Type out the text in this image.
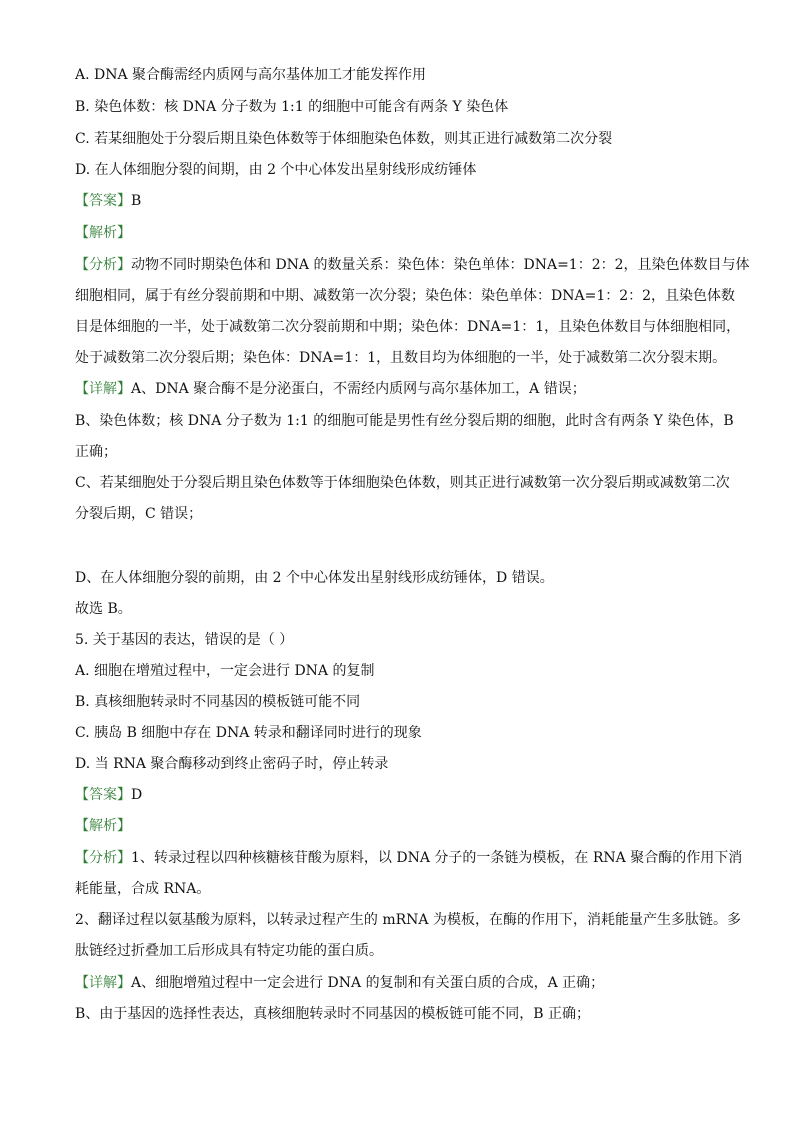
A. DNA 聚合酶需经内质网与高尔基体加工才能发挥作用
B. 染色体数：核 DNA 分子数为 1:1 的细胞中可能含有两条 Y 染色体
C. 若某细胞处于分裂后期且染色体数等于体细胞染色体数，则其正进行减数第二次分裂
D. 在人体细胞分裂的间期，由 2 个中心体发出星射线形成纺锤体
【答案】B
【解析】
【分析】动物不同时期染色体和 DNA 的数量关系：染色体：染色单体：DNA=1：2：2，且染色体数目与体
细胞相同，属于有丝分裂前期和中期、减数第一次分裂；染色体：染色单体：DNA=1：2：2，且染色体数
目是体细胞的一半，处于减数第二次分裂前期和中期；染色体：DNA=1：1，且染色体数目与体细胞相同，
处于减数第二次分裂后期；染色体：DNA=1：1，且数目均为体细胞的一半，处于减数第二次分裂末期。
【详解】A、DNA 聚合酶不是分泌蛋白，不需经内质网与高尔基体加工，A 错误；
B、染色体数；核 DNA 分子数为 1:1 的细胞可能是男性有丝分裂后期的细胞，此时含有两条 Y 染色体，B
正确；
C、若某细胞处于分裂后期且染色体数等于体细胞染色体数，则其正进行减数第一次分裂后期或减数第二次
分裂后期，C 错误；
D、在人体细胞分裂的前期，由 2 个中心体发出星射线形成纺锤体，D 错误。
故选 B。
5. 关于基因的表达，错误的是（ ）
A. 细胞在增殖过程中，一定会进行 DNA 的复制
B. 真核细胞转录时不同基因的模板链可能不同
C. 胰岛 B 细胞中存在 DNA 转录和翻译同时进行的现象
D. 当 RNA 聚合酶移动到终止密码子时，停止转录
【答案】D
【解析】
【分析】1、转录过程以四种核糖核苷酸为原料，以 DNA 分子的一条链为模板，在 RNA 聚合酶的作用下消
耗能量，合成 RNA。
2、翻译过程以氨基酸为原料，以转录过程产生的 mRNA 为模板，在酶的作用下，消耗能量产生多肽链。多
肽链经过折叠加工后形成具有特定功能的蛋白质。
【详解】A、细胞增殖过程中一定会进行 DNA 的复制和有关蛋白质的合成，A 正确；
B、由于基因的选择性表达，真核细胞转录时不同基因的模板链可能不同，B 正确；
